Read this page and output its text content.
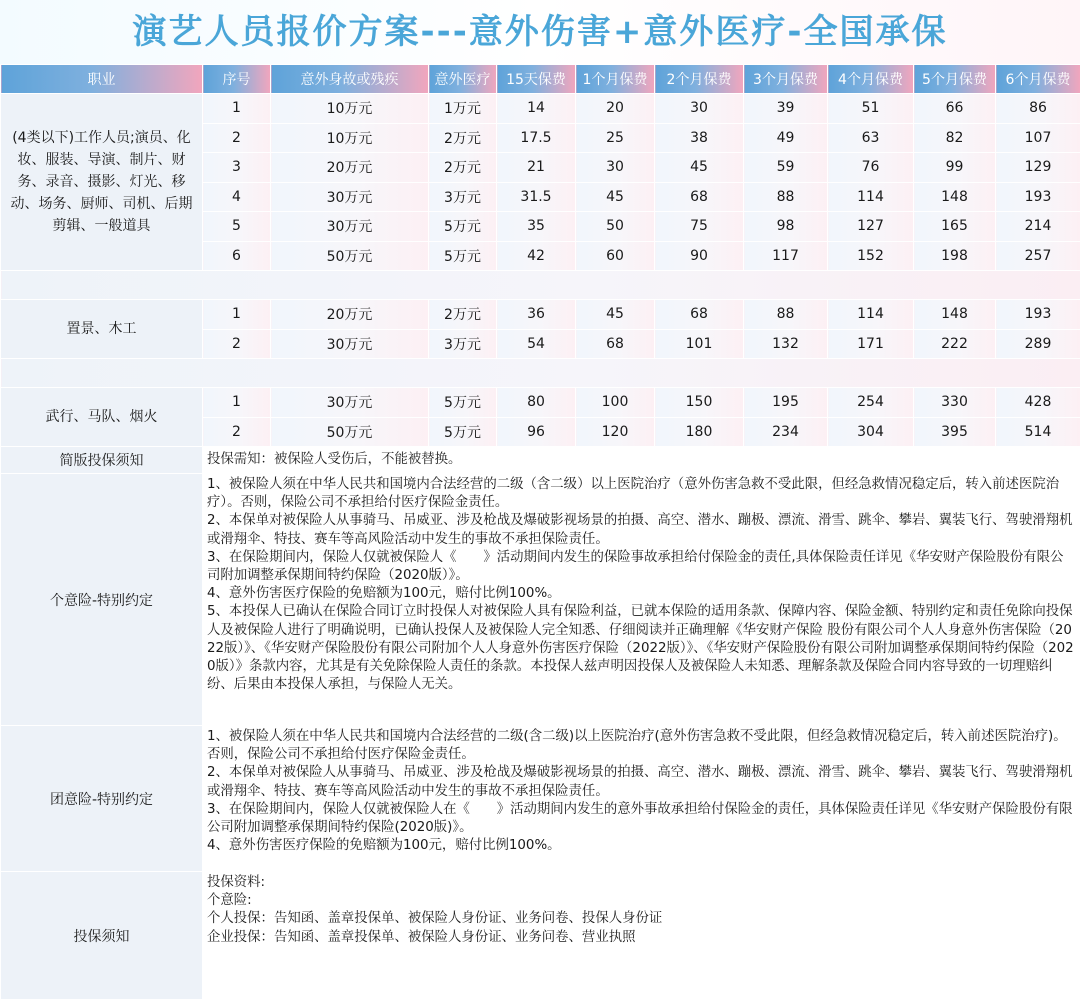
演艺人员报价方案---意外伤害+意外医疗-全国承保
职业	序号	意外身故或残疾	意外医疗	15天保费	1个月保费	2个月保费	3个月保费	4个月保费	5个月保费	6个月保费
(4类以下)工作人员;演员、化妆、服装、导演、制片、财务、录音、摄影、灯光、移动、场务、厨师、司机、后期剪辑、一般道具	1	10万元	1万元	14	20	30	39	51	66	86
	2	10万元	2万元	17.5	25	38	49	63	82	107
	3	20万元	2万元	21	30	45	59	76	99	129
	4	30万元	3万元	31.5	45	68	88	114	148	193
	5	30万元	5万元	35	50	75	98	127	165	214
	6	50万元	5万元	42	60	90	117	152	198	257

置景、木工	1	20万元	2万元	36	45	68	88	114	148	193
	2	30万元	3万元	54	68	101	132	171	222	289

武行、马队、烟火	1	30万元	5万元	80	100	150	195	254	330	428
	2	50万元	5万元	96	120	180	234	304	395	514
简版投保须知	投保需知：被保险人受伤后，不能被替换。									

个意险-特别约定	1、被保险人须在中华人民共和国境内合法经营的二级（含二级）以上医院治疗（意外伤害急救不受此限，但经急救情况稳定后，转入前述医院治疗）。否则，保险公司不承担给付医疗保险金责任。

2、本保单对被保险人从事骑马、吊威亚、涉及枪战及爆破影视场景的拍摄、高空、潜水、蹦极、漂流、滑雪、跳伞、攀岩、翼装飞行、驾驶滑翔机或滑翔伞、特技、赛车等高风险活动中发生的事故不承担保险责任。

3、在保险期间内，保险人仅就被保险人《　　》活动期间内发生的保险事故承担给付保险金的责任,具体保险责任详见《华安财产保险股份有限公司附加调整承保期间特约保险（2020版）》。

4、意外伤害医疗保险的免赔额为100元，赔付比例100%。

5、本投保人已确认在保险合同订立时投保人对被保险人具有保险利益，已就本保险的适用条款、保障内容、保险金额、特别约定和责任免除向投保人及被保险人进行了明确说明，已确认投保人及被保险人完全知悉、仔细阅读并正确理解《华安财产保险 股份有限公司个人人身意外伤害保险（2022版）》、《华安财产保险股份有限公司附加个人人身意外伤害医疗保险（2022版）》、《华安财产保险股份有限公司附加调整承保期间特约保险（2020版）》条款内容，尤其是有关免除保险人责任的条款。本投保人兹声明因投保人及被保险人未知悉、理解条款及保险合同内容导致的一切理赔纠纷、后果由本投保人承担，与保险人无关。									

团意险-特别约定	1、被保险人须在中华人民共和国境内合法经营的二级(含二级)以上医院治疗(意外伤害急救不受此限，但经急救情况稳定后，转入前述医院治疗)。否则，保险公司不承担给付医疗保险金责任。

2、本保单对被保险人从事骑马、吊威亚、涉及枪战及爆破影视场景的拍摄、高空、潜水、蹦极、漂流、滑雪、跳伞、攀岩、翼装飞行、驾驶滑翔机或滑翔伞、特技、赛车等高风险活动中发生的事故不承担保险责任。

3、在保险期间内，保险人仅就被保险人在《　　》活动期间内发生的意外事故承担给付保险金的责任，具体保险责任详见《华安财产保险股份有限公司附加调整承保期间特约保险(2020版)》。

4、意外伤害医疗保险的免赔额为100元，赔付比例100%。									

投保须知	投保资料:

个意险:

个人投保：告知函、盖章投保单、被保险人身份证、业务问卷、投保人身份证

企业投保：告知函、盖章投保单、被保险人身份证、业务问卷、营业执照									
